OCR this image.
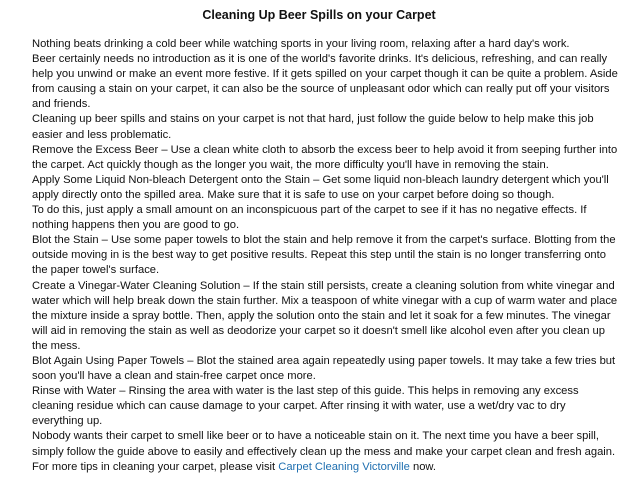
Cleaning Up Beer Spills on your Carpet

Nothing beats drinking a cold beer while watching sports in your living room, relaxing after a hard day's work.

Beer certainly needs no introduction as it is one of the world's favorite drinks. It's delicious, refreshing, and can really help you unwind or make an event more festive. If it gets spilled on your carpet though it can be quite a problem. Aside from causing a stain on your carpet, it can also be the source of unpleasant odor which can really put off your visitors and friends.

Cleaning up beer spills and stains on your carpet is not that hard, just follow the guide below to help make this job easier and less problematic.

Remove the Excess Beer – Use a clean white cloth to absorb the excess beer to help avoid it from seeping further into the carpet. Act quickly though as the longer you wait, the more difficulty you'll have in removing the stain.

Apply Some Liquid Non-bleach Detergent onto the Stain – Get some liquid non-bleach laundry detergent which you'll apply directly onto the spilled area. Make sure that it is safe to use on your carpet before doing so though.

To do this, just apply a small amount on an inconspicuous part of the carpet to see if it has no negative effects. If nothing happens then you are good to go.

Blot the Stain – Use some paper towels to blot the stain and help remove it from the carpet's surface. Blotting from the outside moving in is the best way to get positive results. Repeat this step until the stain is no longer transferring onto the paper towel's surface.

Create a Vinegar-Water Cleaning Solution – If the stain still persists, create a cleaning solution from white vinegar and water which will help break down the stain further. Mix a teaspoon of white vinegar with a cup of warm water and place the mixture inside a spray bottle. Then, apply the solution onto the stain and let it soak for a few minutes. The vinegar will aid in removing the stain as well as deodorize your carpet so it doesn't smell like alcohol even after you clean up the mess.

Blot Again Using Paper Towels – Blot the stained area again repeatedly using paper towels. It may take a few tries but soon you'll have a clean and stain-free carpet once more.

Rinse with Water – Rinsing the area with water is the last step of this guide. This helps in removing any excess cleaning residue which can cause damage to your carpet. After rinsing it with water, use a wet/dry vac to dry everything up.

Nobody wants their carpet to smell like beer or to have a noticeable stain on it. The next time you have a beer spill, simply follow the guide above to easily and effectively clean up the mess and make your carpet clean and fresh again.

For more tips in cleaning your carpet, please visit Carpet Cleaning Victorville now.
